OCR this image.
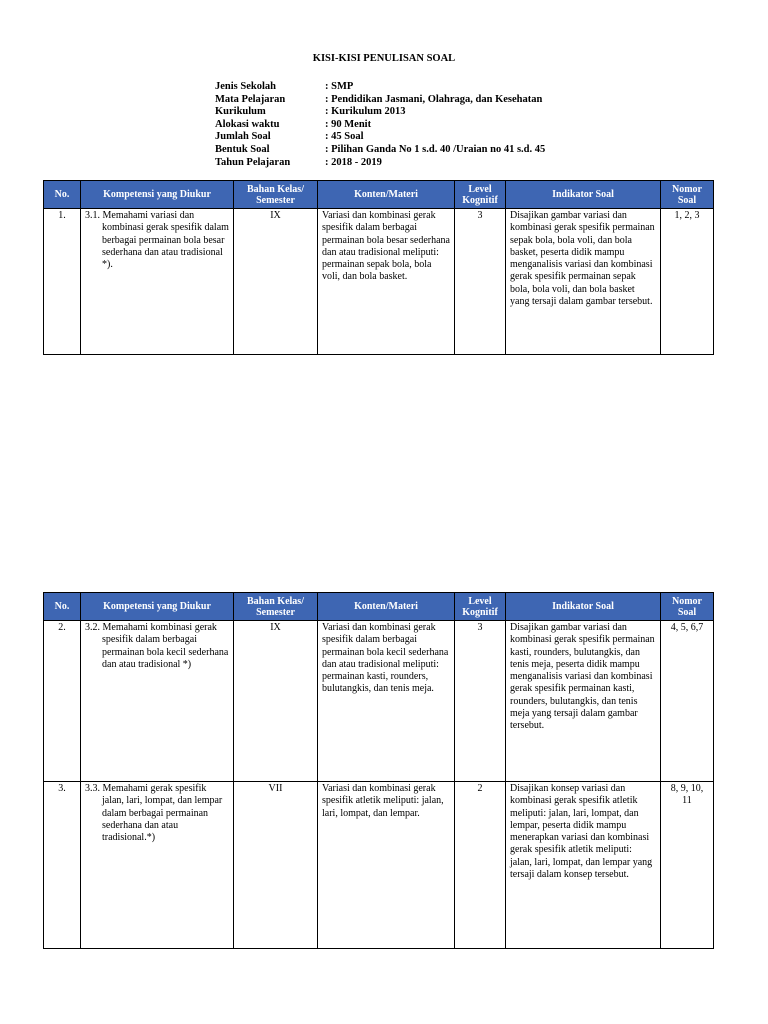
KISI-KISI PENULISAN SOAL
Jenis Sekolah	: SMP
Mata Pelajaran	: Pendidikan Jasmani, Olahraga, dan Kesehatan
Kurikulum	: Kurikulum 2013
Alokasi waktu	: 90 Menit
Jumlah Soal	: 45 Soal
Bentuk Soal	: Pilihan Ganda No 1 s.d. 40 /Uraian no 41 s.d. 45
Tahun Pelajaran	: 2018 - 2019
No.	Kompetensi yang Diukur	Bahan Kelas/ Semester	Konten/Materi	Level Kognitif	Indikator Soal	Nomor Soal
1.	3.1. Memahami variasi dan kombinasi gerak spesifik dalam berbagai permainan bola besar sederhana dan atau tradisional *).	IX	Variasi dan kombinasi gerak spesifik dalam berbagai permainan bola besar sederhana dan atau tradisional meliputi: permainan sepak bola, bola voli, dan bola basket.	3	Disajikan gambar variasi dan kombinasi gerak spesifik permainan sepak bola, bola voli, dan bola basket, peserta didik mampu menganalisis variasi dan kombinasi gerak spesifik permainan sepak bola, bola voli, dan bola basket yang tersaji dalam gambar tersebut.	1, 2, 3
No.	Kompetensi yang Diukur	Bahan Kelas/ Semester	Konten/Materi	Level Kognitif	Indikator Soal	Nomor Soal
2.	3.2. Memahami kombinasi gerak spesifik dalam berbagai permainan bola kecil sederhana dan atau tradisional *)	IX	Variasi dan kombinasi gerak spesifik dalam berbagai permainan bola kecil sederhana dan atau tradisional meliputi: permainan kasti, rounders, bulutangkis, dan tenis meja.	3	Disajikan gambar variasi dan kombinasi gerak spesifik permainan kasti, rounders, bulutangkis, dan tenis meja, peserta didik mampu menganalisis variasi dan kombinasi gerak spesifik permainan kasti, rounders, bulutangkis, dan tenis meja yang tersaji dalam gambar tersebut.	4, 5, 6,7
3.	3.3. Memahami gerak spesifik jalan, lari, lompat, dan lempar dalam berbagai permainan sederhana dan atau tradisional.*)	VII	Variasi dan kombinasi gerak spesifik atletik meliputi: jalan, lari, lompat, dan lempar.	2	Disajikan konsep variasi dan kombinasi gerak spesifik atletik meliputi: jalan, lari, lompat, dan lempar, peserta didik mampu menerapkan variasi dan kombinasi gerak spesifik atletik meliputi: jalan, lari, lompat, dan lempar yang tersaji dalam konsep tersebut.	8, 9, 10, 11
